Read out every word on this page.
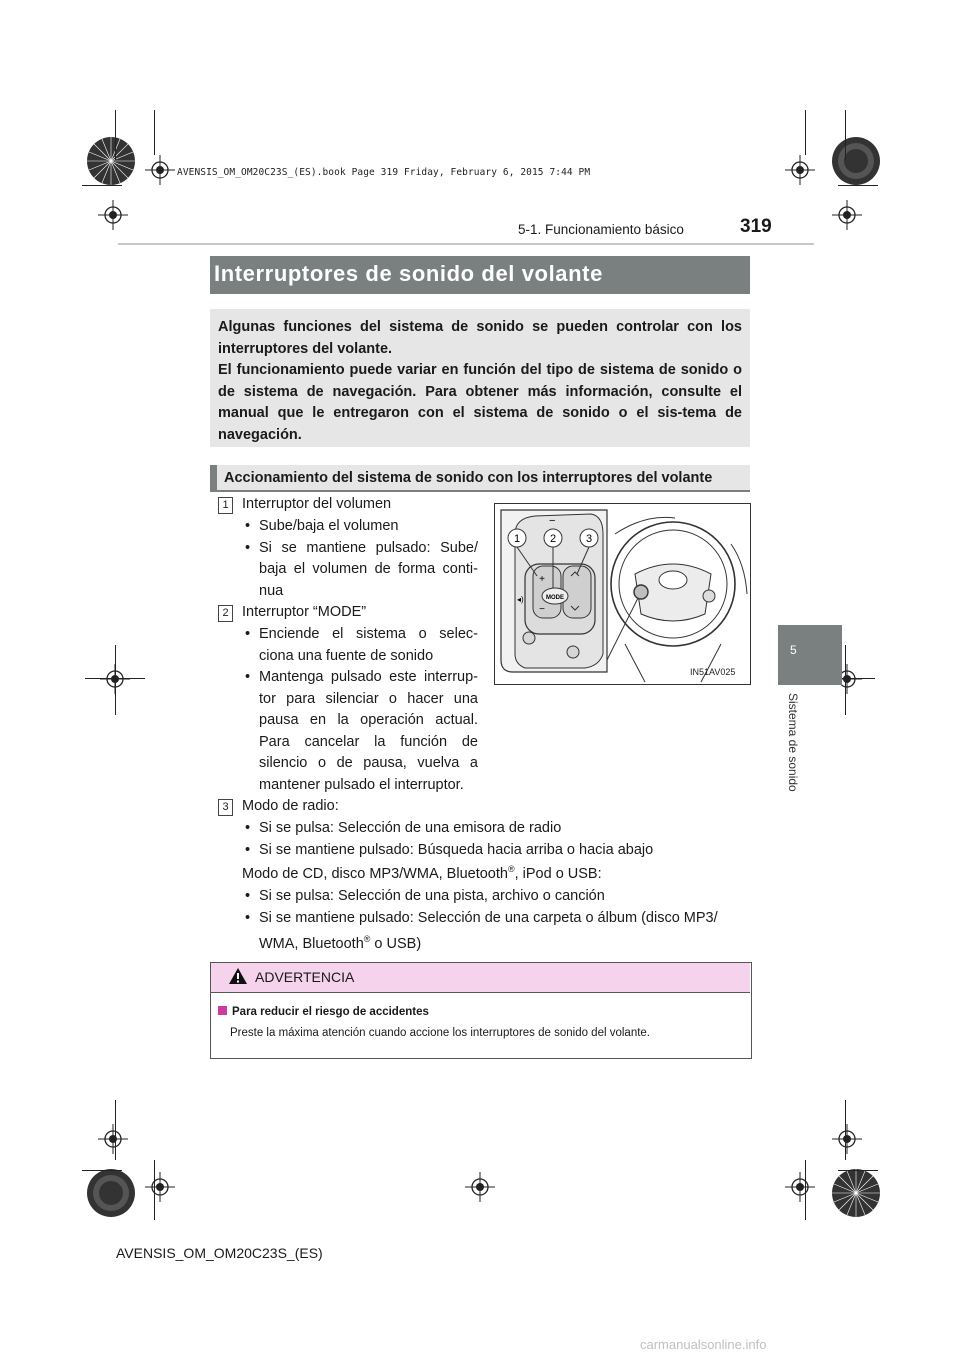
AVENSIS_OM_OM20C23S_(ES).book Page 319 Friday, February 6, 2015 7:44 PM
5-1. Funcionamiento básico	319
5
Sistema de sonido
Interruptores de sonido del volante
Algunas funciones del sistema de sonido se pueden controlar con los interruptores del volante.
El funcionamiento puede variar en función del tipo de sistema de sonido o de sistema de navegación. Para obtener más información, consulte el manual que le entregaron con el sistema de sonido o el sis-tema de navegación.
Accionamiento del sistema de sonido con los interruptores del volante
1 Interruptor del volumen
• Sube/baja el volumen
• Si se mantiene pulsado: Sube/ baja el volumen de forma conti-nua
2 Interruptor “MODE”
• Enciende el sistema o selec-ciona una fuente de sonido
• Mantenga pulsado este interrup-tor para silenciar o hacer una pausa en la operación actual. Para cancelar la función de silencio o de pausa, vuelva a mantener pulsado el interruptor.
3 Modo de radio:
• Si se pulsa: Selección de una emisora de radio
• Si se mantiene pulsado: Búsqueda hacia arriba o hacia abajo
Modo de CD, disco MP3/WMA, Bluetooth®, iPod o USB:
• Si se pulsa: Selección de una pista, archivo o canción
• Si se mantiene pulsado: Selección de una carpeta o álbum (disco MP3/ WMA, Bluetooth® o USB)
MODE
+
−
−
◂)
1	2	3
IN51AV025
ADVERTENCIA
Para reducir el riesgo de accidentes
Preste la máxima atención cuando accione los interruptores de sonido del volante.
AVENSIS_OM_OM20C23S_(ES)
carmanualsonline.info
